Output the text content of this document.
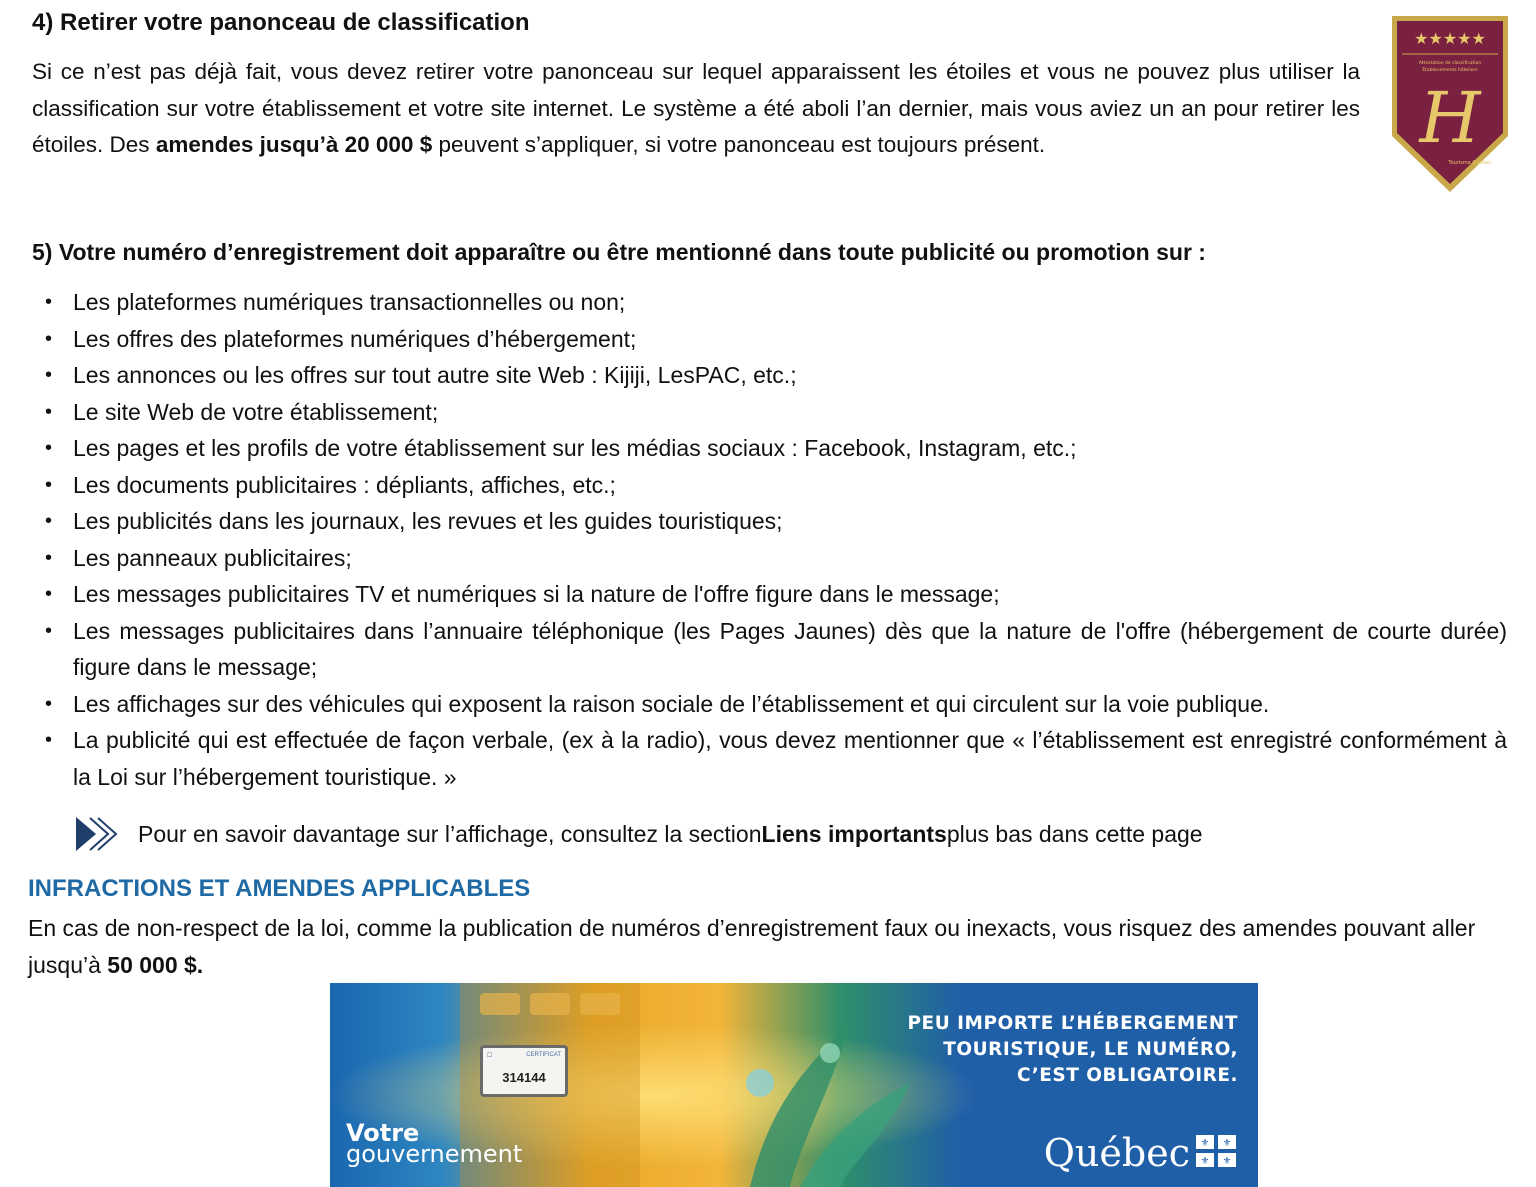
4) Retirer votre panonceau de classification

Si ce n’est pas déjà fait, vous devez retirer votre panonceau sur lequel apparaissent les étoiles et vous ne pouvez plus utiliser la classification sur votre établissement et votre site internet. Le système a été aboli l’an dernier, mais vous aviez un an pour retirer les étoiles. Des amendes jusqu’à 20 000 $ peuvent s’appliquer, si votre panonceau est toujours présent.

★★★★★
Attestation de classification
Établissements hôteliers
H
Tourisme Québec
5) Votre numéro d’enregistrement doit apparaître ou être mentionné dans toute publicité ou promotion sur :
• Les plateformes numériques transactionnelles ou non;
• Les offres des plateformes numériques d’hébergement;
• Les annonces ou les offres sur tout autre site Web : Kijiji, LesPAC, etc.;
• Le site Web de votre établissement;
• Les pages et les profils de votre établissement sur les médias sociaux : Facebook, Instagram, etc.;
• Les documents publicitaires : dépliants, affiches, etc.;
• Les publicités dans les journaux, les revues et les guides touristiques;
• Les panneaux publicitaires;
• Les messages publicitaires TV et numériques si la nature de l'offre figure dans le message;
• Les messages publicitaires dans l’annuaire téléphonique (les Pages Jaunes) dès que la nature de l'offre (hébergement de courte durée) figure dans le message;
• Les affichages sur des véhicules qui exposent la raison sociale de l’établissement et qui circulent sur la voie publique.
• La publicité qui est effectuée de façon verbale, (ex à la radio), vous devez mentionner que « l’établissement est enregistré conformément à la Loi sur l’hébergement touristique. »
Pour en savoir davantage sur l’affichage, consultez la section Liens importants plus bas dans cette page
INFRACTIONS ET AMENDES APPLICABLES

En cas de non-respect de la loi, comme la publication de numéros d’enregistrement faux ou inexacts, vous risquez des amendes pouvant aller jusqu’à 50 000 $.

☐	CERTIFICAT
314144
PEU IMPORTE L’HÉBERGEMENT
TOURISTIQUE, LE NUMÉRO,
C’EST OBLIGATOIRE.
Votre
gouvernement	Québec ⚜ ⚜
⚜ ⚜
